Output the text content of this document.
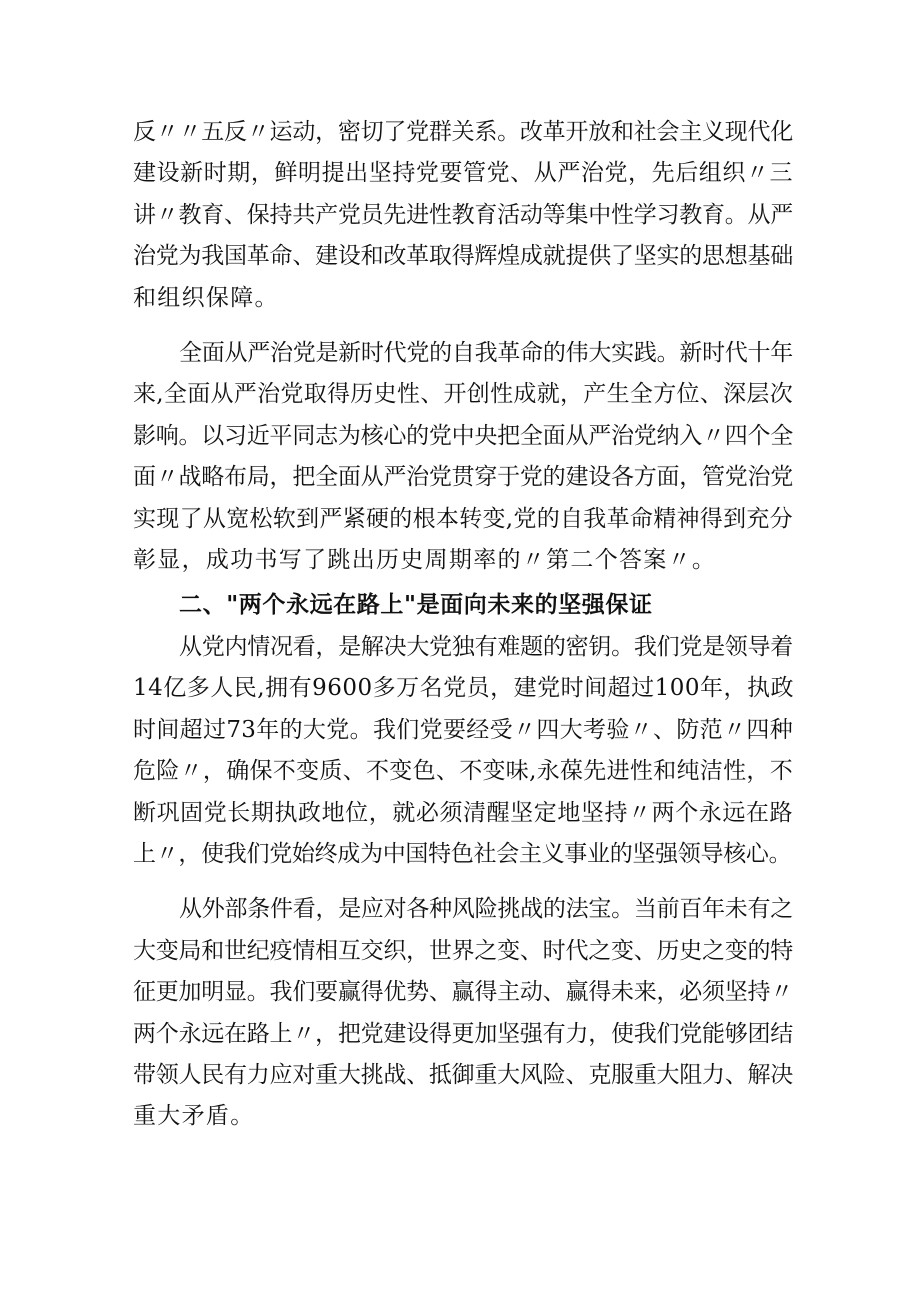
反〃〃五反〃运动，密切了党群关系。改革开放和社会主义现代化
建设新时期，鲜明提出坚持党要管党、从严治党，先后组织〃三
讲〃教育、保持共产党员先进性教育活动等集中性学习教育。从严
治党为我国革命、建设和改革取得辉煌成就提供了坚实的思想基础
和组织保障。

全面从严治党是新时代党的自我革命的伟大实践。新时代十年
来,全面从严治党取得历史性、开创性成就，产生全方位、深层次
影响。以习近平同志为核心的党中央把全面从严治党纳入〃四个全
面〃战略布局，把全面从严治党贯穿于党的建设各方面，管党治党
实现了从宽松软到严紧硬的根本转变,党的自我革命精神得到充分
彰显，成功书写了跳出历史周期率的〃第二个答案〃。

二、"两个永远在路上"是面向未来的坚强保证

从党内情况看，是解决大党独有难题的密钥。我们党是领导着
14亿多人民,拥有9600多万名党员，建党时间超过100年，执政
时间超过73年的大党。我们党要经受〃四大考验〃、防范〃四种
危险〃，确保不变质、不变色、不变味,永葆先进性和纯洁性，不
断巩固党长期执政地位，就必须清醒坚定地坚持〃两个永远在路
上〃，使我们党始终成为中国特色社会主义事业的坚强领导核心。

从外部条件看，是应对各种风险挑战的法宝。当前百年未有之
大变局和世纪疫情相互交织，世界之变、时代之变、历史之变的特
征更加明显。我们要赢得优势、赢得主动、赢得未来，必须坚持〃
两个永远在路上〃，把党建设得更加坚强有力，使我们党能够团结
带领人民有力应对重大挑战、抵御重大风险、克服重大阻力、解决
重大矛盾。
